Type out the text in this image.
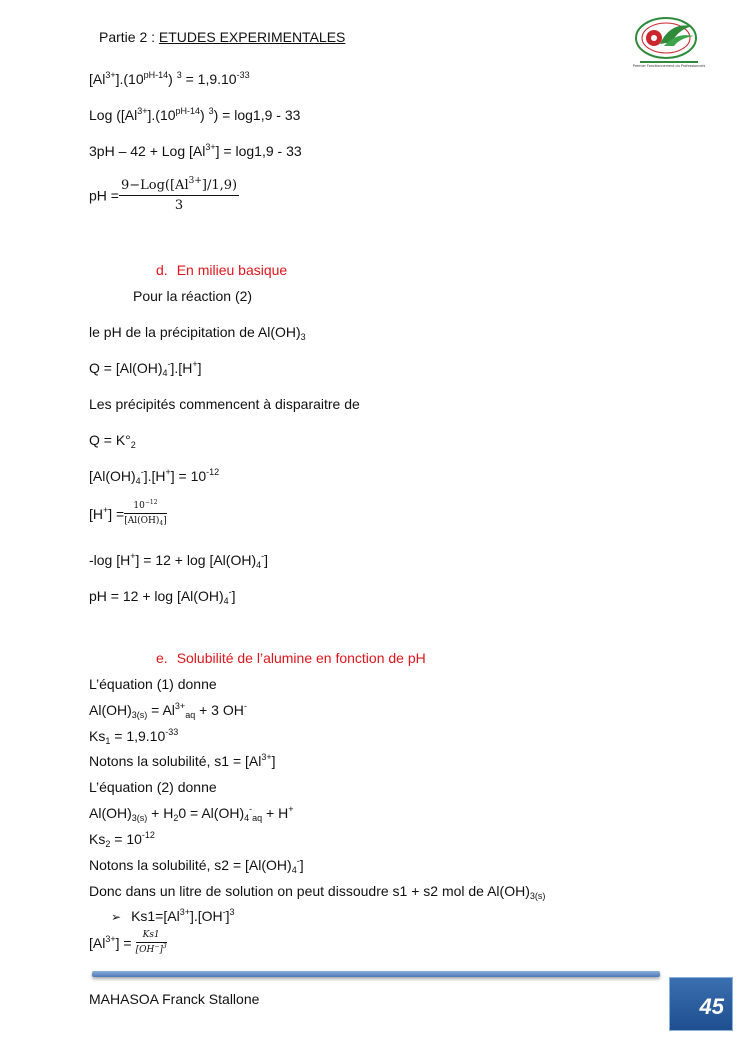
Partie 2 : ETUDES EXPERIMENTALES
Premier Fonctionnement du Professionnels
$[Al^{3+}].(10^{pH-14}) ^3 = 1,9.10^{-33}$
Log $([Al^{3+}].(10^{pH-14}) ^3) = \log 1,9 - 33$
3pH – 42 + Log $[Al^{3+}] = \log 1,9 - 33$
pH = $\frac{9-Log([Al^{3+}]/1,9)}{3}$
d. En milieu basique
Pour la réaction (2)
le pH de la précipitation de $Al(OH)_3$
$Q = [Al(OH)_4^-].[H^+]$
Les précipités commencent à disparaitre de
$Q = K^\circ_2$
$[Al(OH)_4^-].[H^+] = 10^{-12}$
$[H^+] = \frac{10^{-12}}{[Al(OH)_4]}$
-log $[H^+] = 12 + \log [Al(OH)_4^-]$
pH = $12 + \log [Al(OH)_4^-]$
e. Solubilité de l’alumine en fonction de pH
L’équation (1) donne
$Al(OH)_{3(s)} = Al^{3+}_{aq} + 3$ OH-
$Ks_1 = 1,9.10^{-33}$
Notons la solubilité, $s1 = [Al^{3+}]$
L’équation (2) donne
$Al(OH)_{3(s)} + H_20 = Al(OH)_4^-_{aq} + H^+$
$Ks_2 = 10^{-12}$
Notons la solubilité, $s2 = [Al(OH)_4^-]$
Donc dans un litre de solution on peut dissoudre s1 + s2 mol de $Al(OH)_{3(s)}$
➢ $Ks1=[Al^{3+}].[OH^-]^3$
$[Al^{3+}] = \frac{Ks1}{[OH^-]^3}$
MAHASOA Franck Stallone	45
